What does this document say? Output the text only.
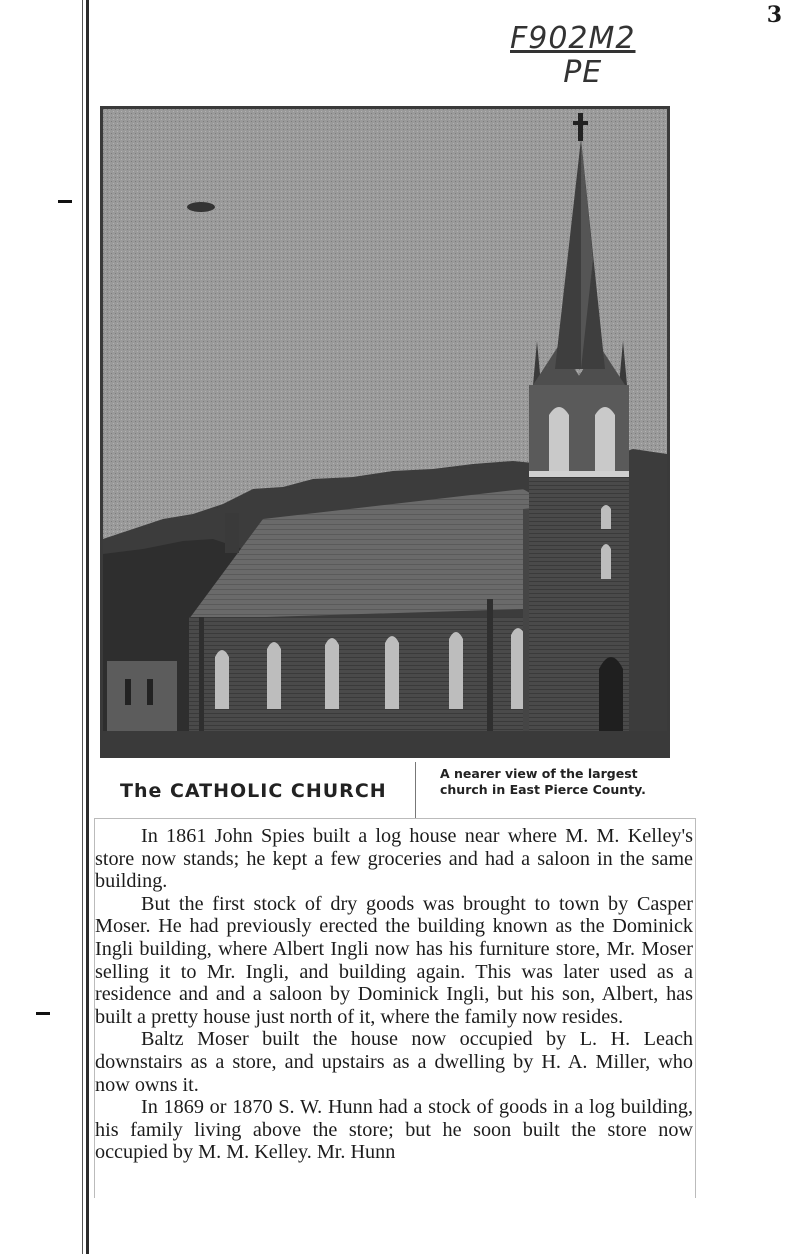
3
F902M2
PE
The CATHOLIC CHURCH
A nearer view of the largest church in East Pierce County.

In 1861 John Spies built a log house near where M. M. Kelley's store now stands; he kept a few groceries and had a saloon in the same building.

But the first stock of dry goods was brought to town by Casper Moser. He had previously erected the building known as the Dominick Ingli building, where Albert Ingli now has his furniture store, Mr. Moser selling it to Mr. Ingli, and building again. This was later used as a residence and and a saloon by Dominick Ingli, but his son, Albert, has built a pretty house just north of it, where the family now resides.

Baltz Moser built the house now occupied by L. H. Leach downstairs as a store, and upstairs as a dwelling by H. A. Miller, who now owns it.

In 1869 or 1870 S. W. Hunn had a stock of goods in a log building, his family living above the store; but he soon built the store now occupied by M. M. Kelley. Mr. Hunn
